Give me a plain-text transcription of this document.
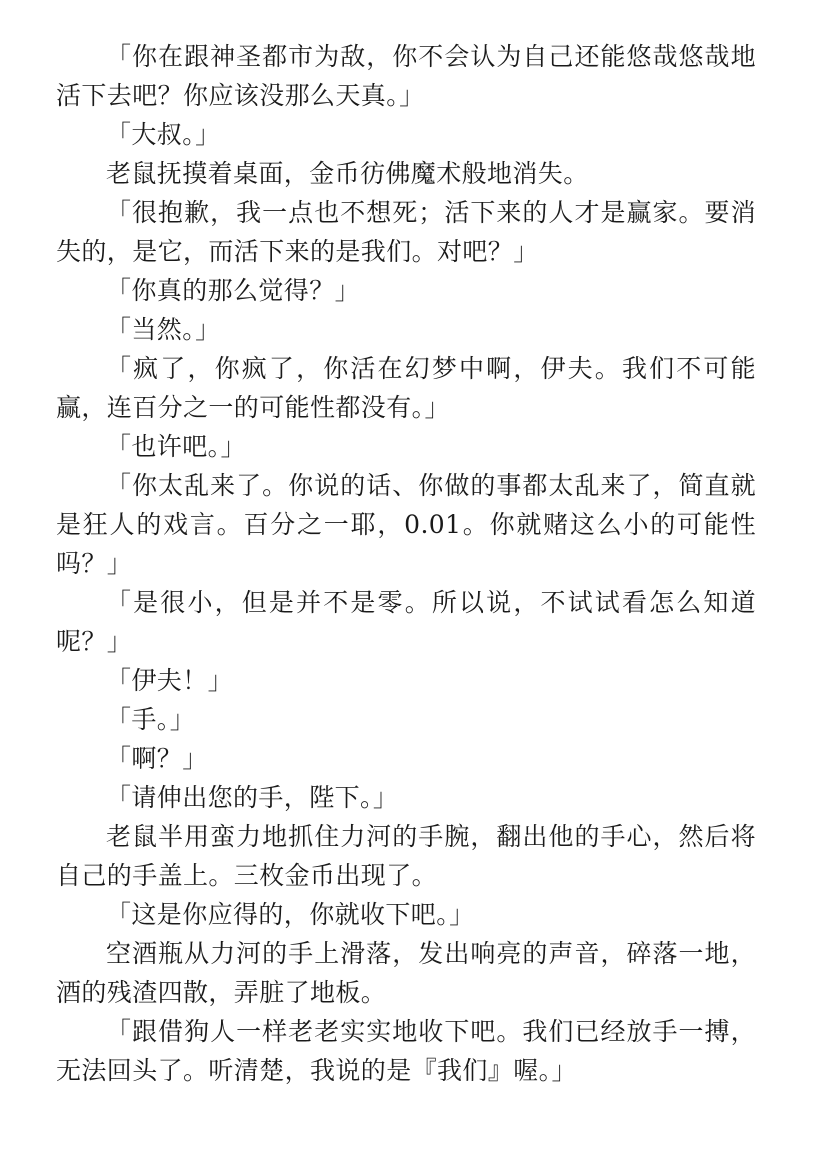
「你在跟神圣都市为敌，你不会认为自己还能悠哉悠哉地活下去吧？你应该没那么天真。」

「大叔。」

老鼠抚摸着桌面，金币彷佛魔术般地消失。

「很抱歉，我一点也不想死；活下来的人才是赢家。要消失的，是它，而活下来的是我们。对吧？」

「你真的那么觉得？」

「当然。」

「疯了，你疯了，你活在幻梦中啊，伊夫。我们不可能赢，连百分之一的可能性都没有。」

「也许吧。」

「你太乱来了。你说的话、你做的事都太乱来了，简直就是狂人的戏言。百分之一耶，0.01。你就赌这么小的可能性吗？」

「是很小，但是并不是零。所以说，不试试看怎么知道呢？」

「伊夫！」

「手。」

「啊？」

「请伸出您的手，陛下。」

老鼠半用蛮力地抓住力河的手腕，翻出他的手心，然后将自己的手盖上。三枚金币出现了。

「这是你应得的，你就收下吧。」

空酒瓶从力河的手上滑落，发出响亮的声音，碎落一地，酒的残渣四散，弄脏了地板。

「跟借狗人一样老老实实地收下吧。我们已经放手一搏，无法回头了。听清楚，我说的是『我们』喔。」
